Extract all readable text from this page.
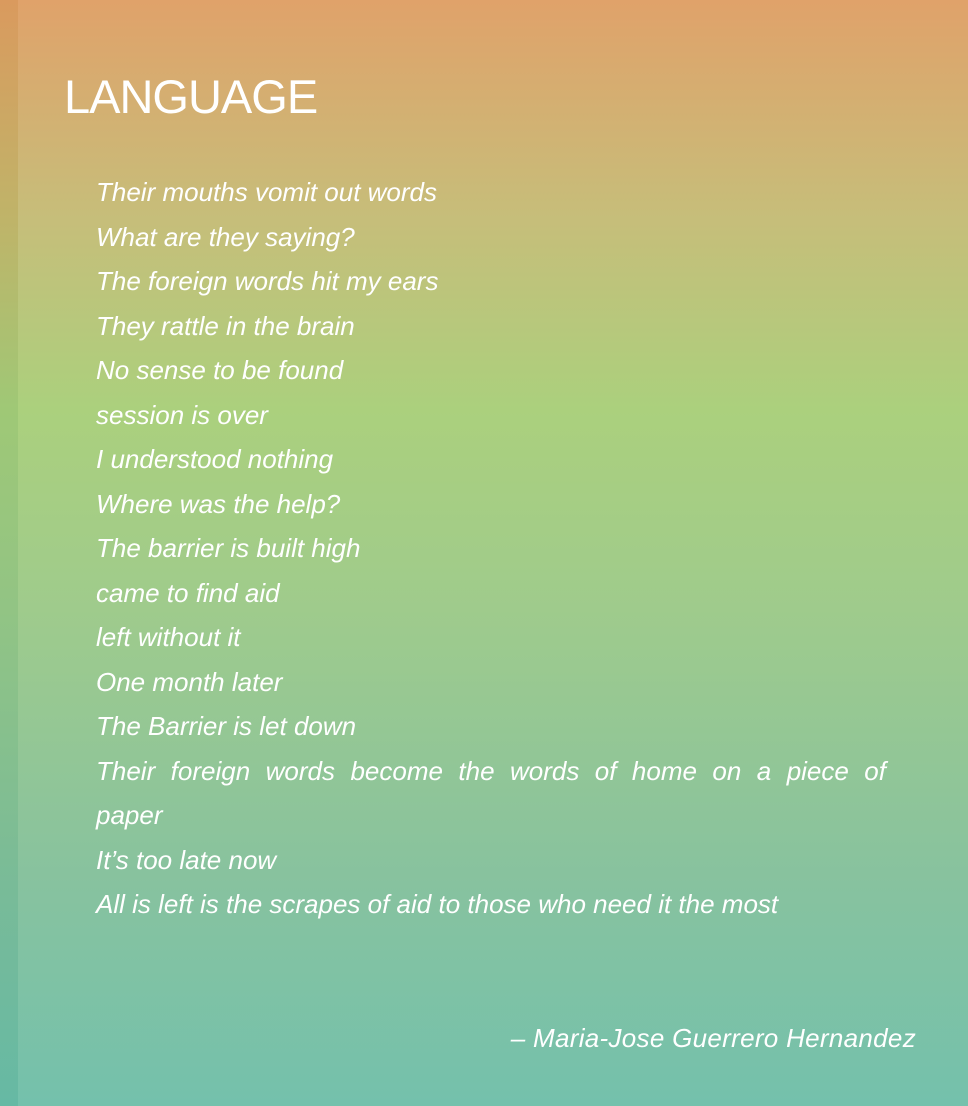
LANGUAGE
Their mouths vomit out words
What are they saying?
The foreign words hit my ears
They rattle in the brain
No sense to be found
session is over
I understood nothing
Where was the help?
The barrier is built high
came to find aid
left without it
One month later
The Barrier is let down
Their foreign words become the words of home on a piece of paper
It’s too late now
All is left is the scrapes of aid to those who need it the most

– Maria-Jose Guerrero Hernandez
